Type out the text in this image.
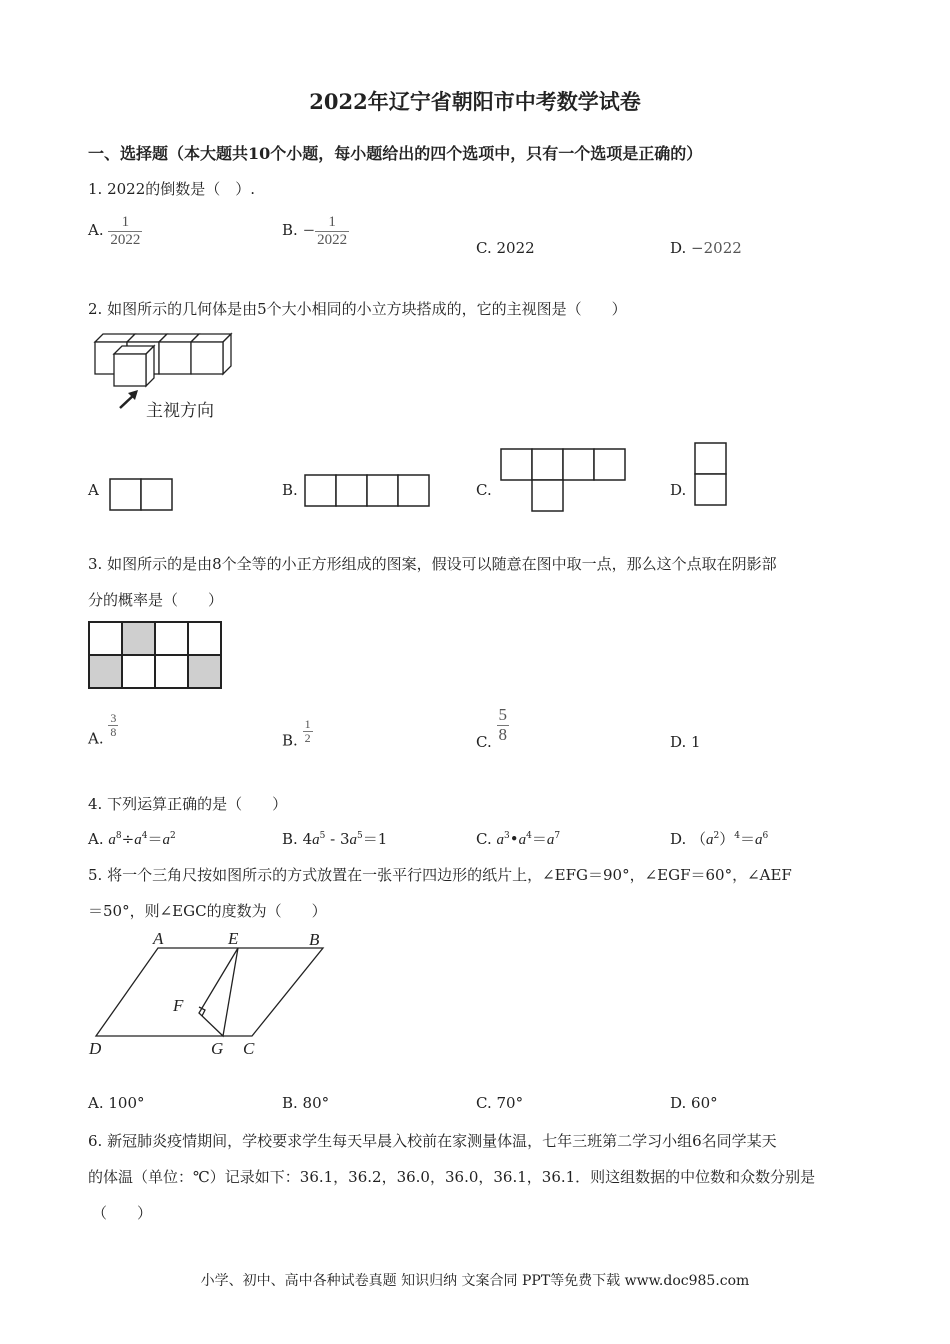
2022年辽宁省朝阳市中考数学试卷
一、选择题（本大题共10个小题，每小题给出的四个选项中，只有一个选项是正确的）
1. 2022的倒数是（　）.
A. $\frac{1}{2022}$	B. − $\frac{1}{2022}$	C. 2022	D. −2022
2. 如图所示的几何体是由5个大小相同的小立方块搭成的，它的主视图是（　　）
主视方向
A	B.	C.	D.
3. 如图所示的是由8个全等的小正方形组成的图案，假设可以随意在图中取一点，那么这个点取在阴影部
分的概率是（　　）
A. $\frac{3}{8}$
B. $\frac{1}{2}$	C. $\frac{5}{8}$	D. 1
4. 下列运算正确的是（　　）
A. $a^8\div a^4=a^2$	B. $4a^5 - 3a^5=1$	C. $a^3•a^4=a^7$	D. $(a^2)^4=a^6$
5. 将一个三角尺按如图所示的方式放置在一张平行四边形的纸片上，∠EFG＝90°，∠EGF＝60°，∠AEF
＝50°，则∠EGC的度数为（　　）
A	E	B
F
D	G C
A. 100°	B. 80°	C. 70°	D. 60°
6. 新冠肺炎疫情期间，学校要求学生每天早晨入校前在家测量体温，七年三班第二学习小组6名同学某天
的体温（单位：℃）记录如下：36.1，36.2，36.0，36.0，36.1，36.1．则这组数据的中位数和众数分别是
（　　）
小学、初中、高中各种试卷真题 知识归纳 文案合同 PPT等免费下载 www.doc985.com
